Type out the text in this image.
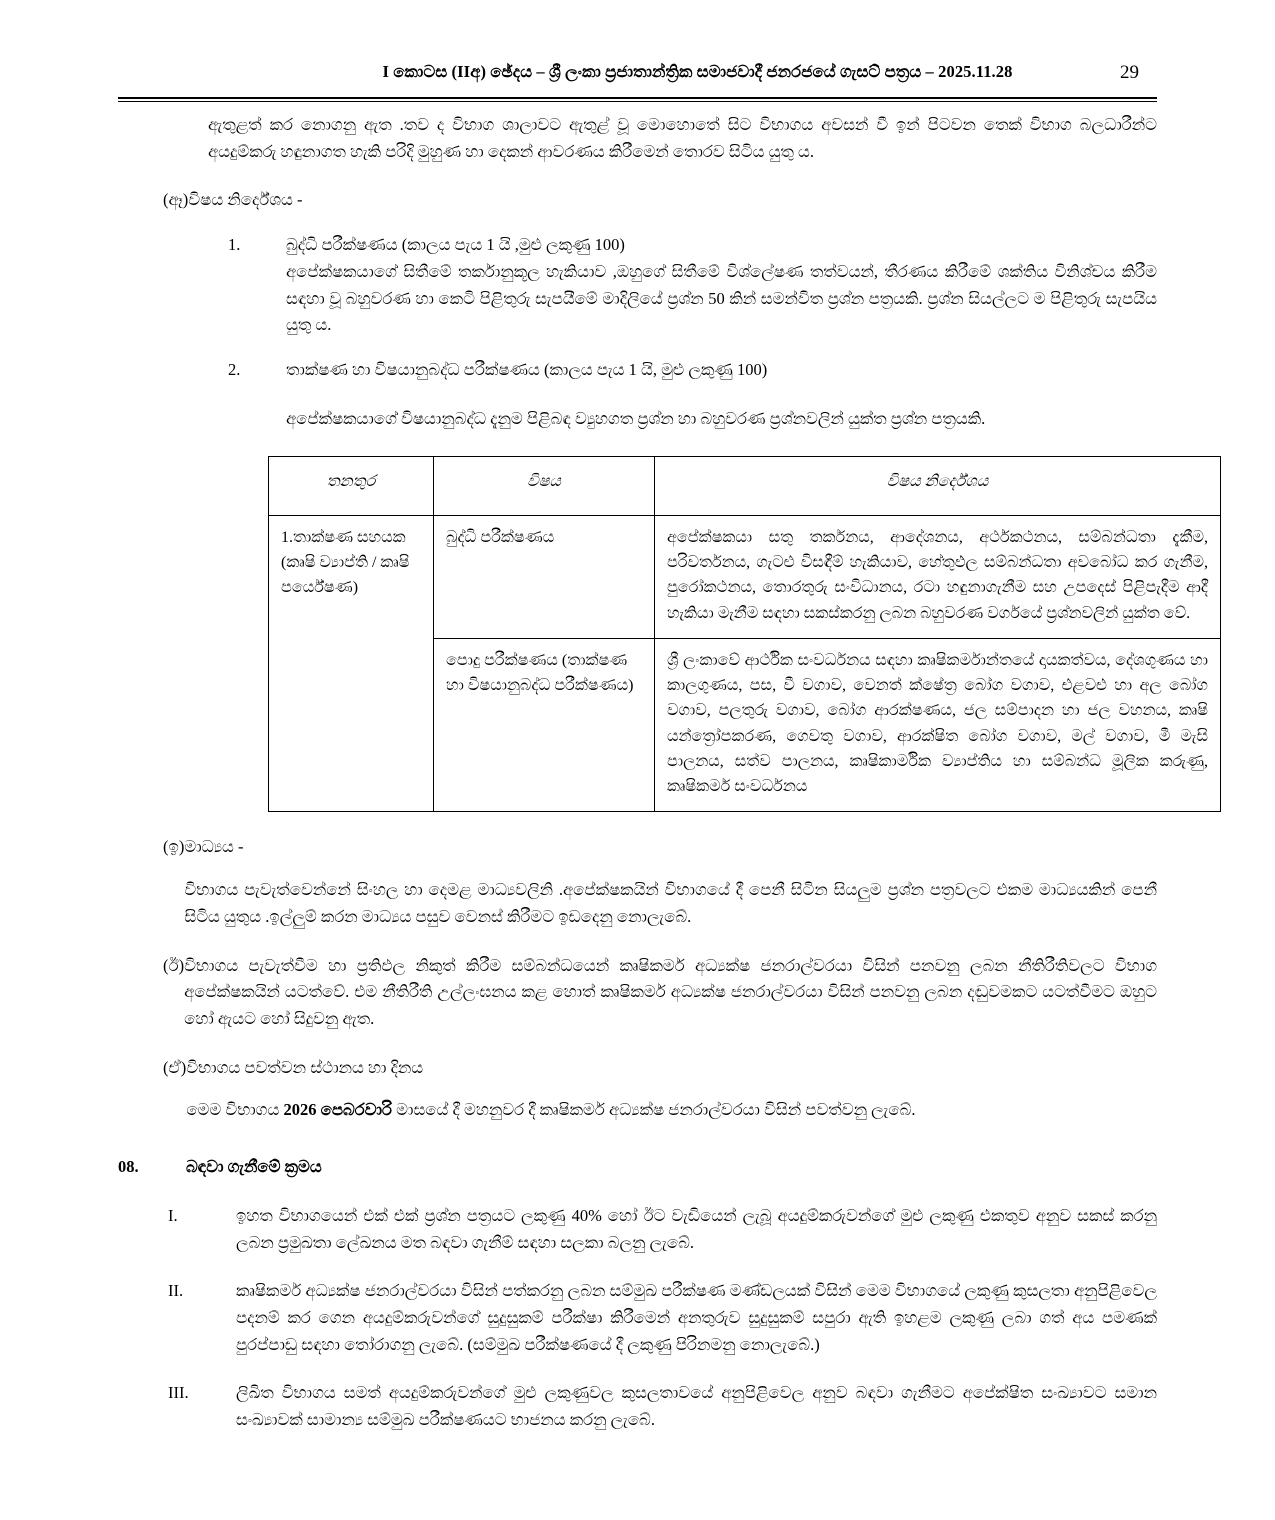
I කොටස (IIඅ) ඡේදය – ශ්‍රී ලංකා ප්‍රජාතාන්ත්‍රික සමාජවාදී ජනරජයේ ගැසට් පත්‍රය – 2025.11.28	29

ඇතුළත් කර නොගනු ඇත .තව ද විභාග ශාලාවට ඇතුළ් වූ මොහොතේ සිට විභාගය අවසන් වී ඉන් පිටවන තෙක් විභාග බලධාරීන්ට අයදුම්කරු හඳුනාගත හැකි පරිදි මුහුණ හා දෙකන් ආවරණය කිරීමෙන් තොරව සිටිය යුතු ය.

(ඈ) විෂය නිර්දේශය -
1.	බුද්ධි පරීක්ෂණය (කාලය පැය 1 යි ,මුළු ලකුණු 100)
අපේක්ෂකයාගේ සිතීමේ තර්කානුකූල හැකියාව ,ඔහුගේ සිතීමේ විශ්ලේෂණ තත්වයන්, තීරණය කිරීමේ ශක්තිය විනිශ්චය කිරීම සඳහා වූ බහුවරණ හා කෙටි පිළිතුරු සැපයීමේ මාදිලියේ ප්‍රශ්න 50 කින් සමන්විත ප්‍රශ්න පත්‍රයකි. ප්‍රශ්න සියල්ලට ම පිළිතුරු සැපයිය යුතු ය.
2.	තාක්ෂණ හා විෂයානුබද්ධ පරීක්ෂණය (කාලය පැය 1 යි, මුළු ලකුණු 100)
අපේක්ෂකයාගේ විෂයානුබද්ධ දැනුම පිළිබඳ ව්‍යුහගත ප්‍රශ්න හා බහුවරණ ප්‍රශ්නවලින් යුක්ත ප්‍රශ්න පත්‍රයකි.
තනතුර	විෂය	විෂය නිර්දේශය
1.තාක්ෂණ සහයක (කෘෂි ව්‍යාප්ති / කෘෂි පර්යේෂණ)	බුද්ධි පරීක්ෂණය	අපේක්ෂකයා සතු තර්කනය, ආදේශනය, අර්ථකථනය, සම්බන්ධතා දැකීම, පරිවර්තනය, ගැටළු විසඳීම් හැකියාව, හේතුඵල සම්බන්ධතා අවබෝධ කර ගැනීම, පුරෝකථනය, තොරතුරු සංවිධානය, රටා හඳුනාගැනීම සහ උපදෙස් පිළිපැදීම ආදී හැකියා මැනීම සඳහා සකස්කරනු ලබන බහුවරණ වර්ගයේ ප්‍රශ්නවලින් යුක්ත වේ.
	පොදු පරීක්ෂණය (තාක්ෂණ හා විෂයානුබද්ධ පරීක්ෂණය)	ශ්‍රී ලංකාවේ ආර්ථික සංවර්ධනය සඳහා කෘෂිකර්මාන්තයේ දායකත්වය, දේශගුණය හා කාලගුණය, පස, වී වගාව, වෙනත් ක්ෂේත්‍ර බෝග වගාව, එළවළු හා අල බෝග වගාව, පලතුරු වගාව, බෝග ආරක්ෂණය, ජල සම්පාදන හා ජල වහනය, කෘෂි යන්ත්‍රෝපකරණ, ගෙවතු වගාව, ආරක්ෂිත බෝග වගාව, මල් වගාව, මී මැසි පාලනය, සත්ව පාලනය, කෘෂිකාර්මික ව්‍යාප්තිය හා සම්බන්ධ මූලික කරුණු, කෘෂිකර්ම සංවර්ධනය
(ඉ) මාධ්‍යය -
විභාගය පැවැත්වෙන්නේ සිංහල හා දෙමළ මාධ්‍යවලිනි .අපේක්ෂකයින් විභාගයේ දී පෙනී සිටින සියලුම ප්‍රශ්න පත්‍රවලට එකම මාධ්‍යයකින් පෙනී සිටිය යුතුය .ඉල්ලුම් කරන මාධ්‍යය පසුව වෙනස් කිරීමට ඉඩදෙනු නොලැබේ.
(ඊ) විභාගය පැවැත්වීම හා ප්‍රතිඵල නිකුත් කිරීම සම්බන්ධයෙන් කෘෂිකර්ම අධ්‍යක්ෂ ජනරාල්වරයා විසින් පනවනු ලබන නීතිරීතිවලට විභාග අපේක්ෂකයින් යටත්වේ. එම නීතිරීති උල්ලංඝනය කළ හොත් කෘෂිකර්ම අධ්‍යක්ෂ ජනරාල්වරයා විසින් පනවනු ලබන දඬුවමකට යටත්වීමට ඔහුට හෝ ඇයට හෝ සිදුවනු ඇත.
(ඒ) විභාගය පවත්වන ස්ථානය හා දිනය
මෙම විභාගය 2026 පෙබරවාරි මාසයේ දී මහනුවර දී කෘෂිකර්ම අධ්‍යක්ෂ ජනරාල්වරයා විසින් පවත්වනු ලැබේ.
08.	බඳවා ගැනීමේ ක්‍රමය
I.	ඉහත විභාගයෙන් එක් එක් ප්‍රශ්න පත්‍රයට ලකුණු 40% හෝ ඊට වැඩියෙන් ලැබූ අයදුම්කරුවන්ගේ මුළු ලකුණු එකතුව අනුව සකස් කරනු ලබන ප්‍රමුඛතා ලේඛනය මත බඳවා ගැනීම් සඳහා සලකා බලනු ලැබේ.
II.	කෘෂිකර්ම අධ්‍යක්ෂ ජනරාල්වරයා විසින් පත්කරනු ලබන සම්මුඛ පරීක්ෂණ මණ්ඩලයක් විසින් මෙම විභාගයේ ලකුණු කුසලතා අනුපිළිවෙල පදනම් කර ගෙන අයදුම්කරුවන්ගේ සුදුසුකම් පරීක්ෂා කිරීමෙන් අනතුරුව සුදුසුකම් සපුරා ඇති ඉහළම ලකුණු ලබා ගත් අය පමණක් පුරප්පාඩු සඳහා තෝරාගනු ලැබේ. (සම්මුඛ පරීක්ෂණයේ දී ලකුණු පිරිනමනු නොලැබේ.)
III.	ලිඛිත විභාගය සමත් අයදුම්කරුවන්ගේ මුළු ලකුණුවල කුසලතාවයේ අනුපිළිවෙල අනුව බඳවා ගැනීමට අපේක්ෂිත සංඛ්‍යාවට සමාන සංඛ්‍යාවක් සාමාන්‍ය සම්මුඛ පරීක්ෂණයට භාජනය කරනු ලැබේ.
